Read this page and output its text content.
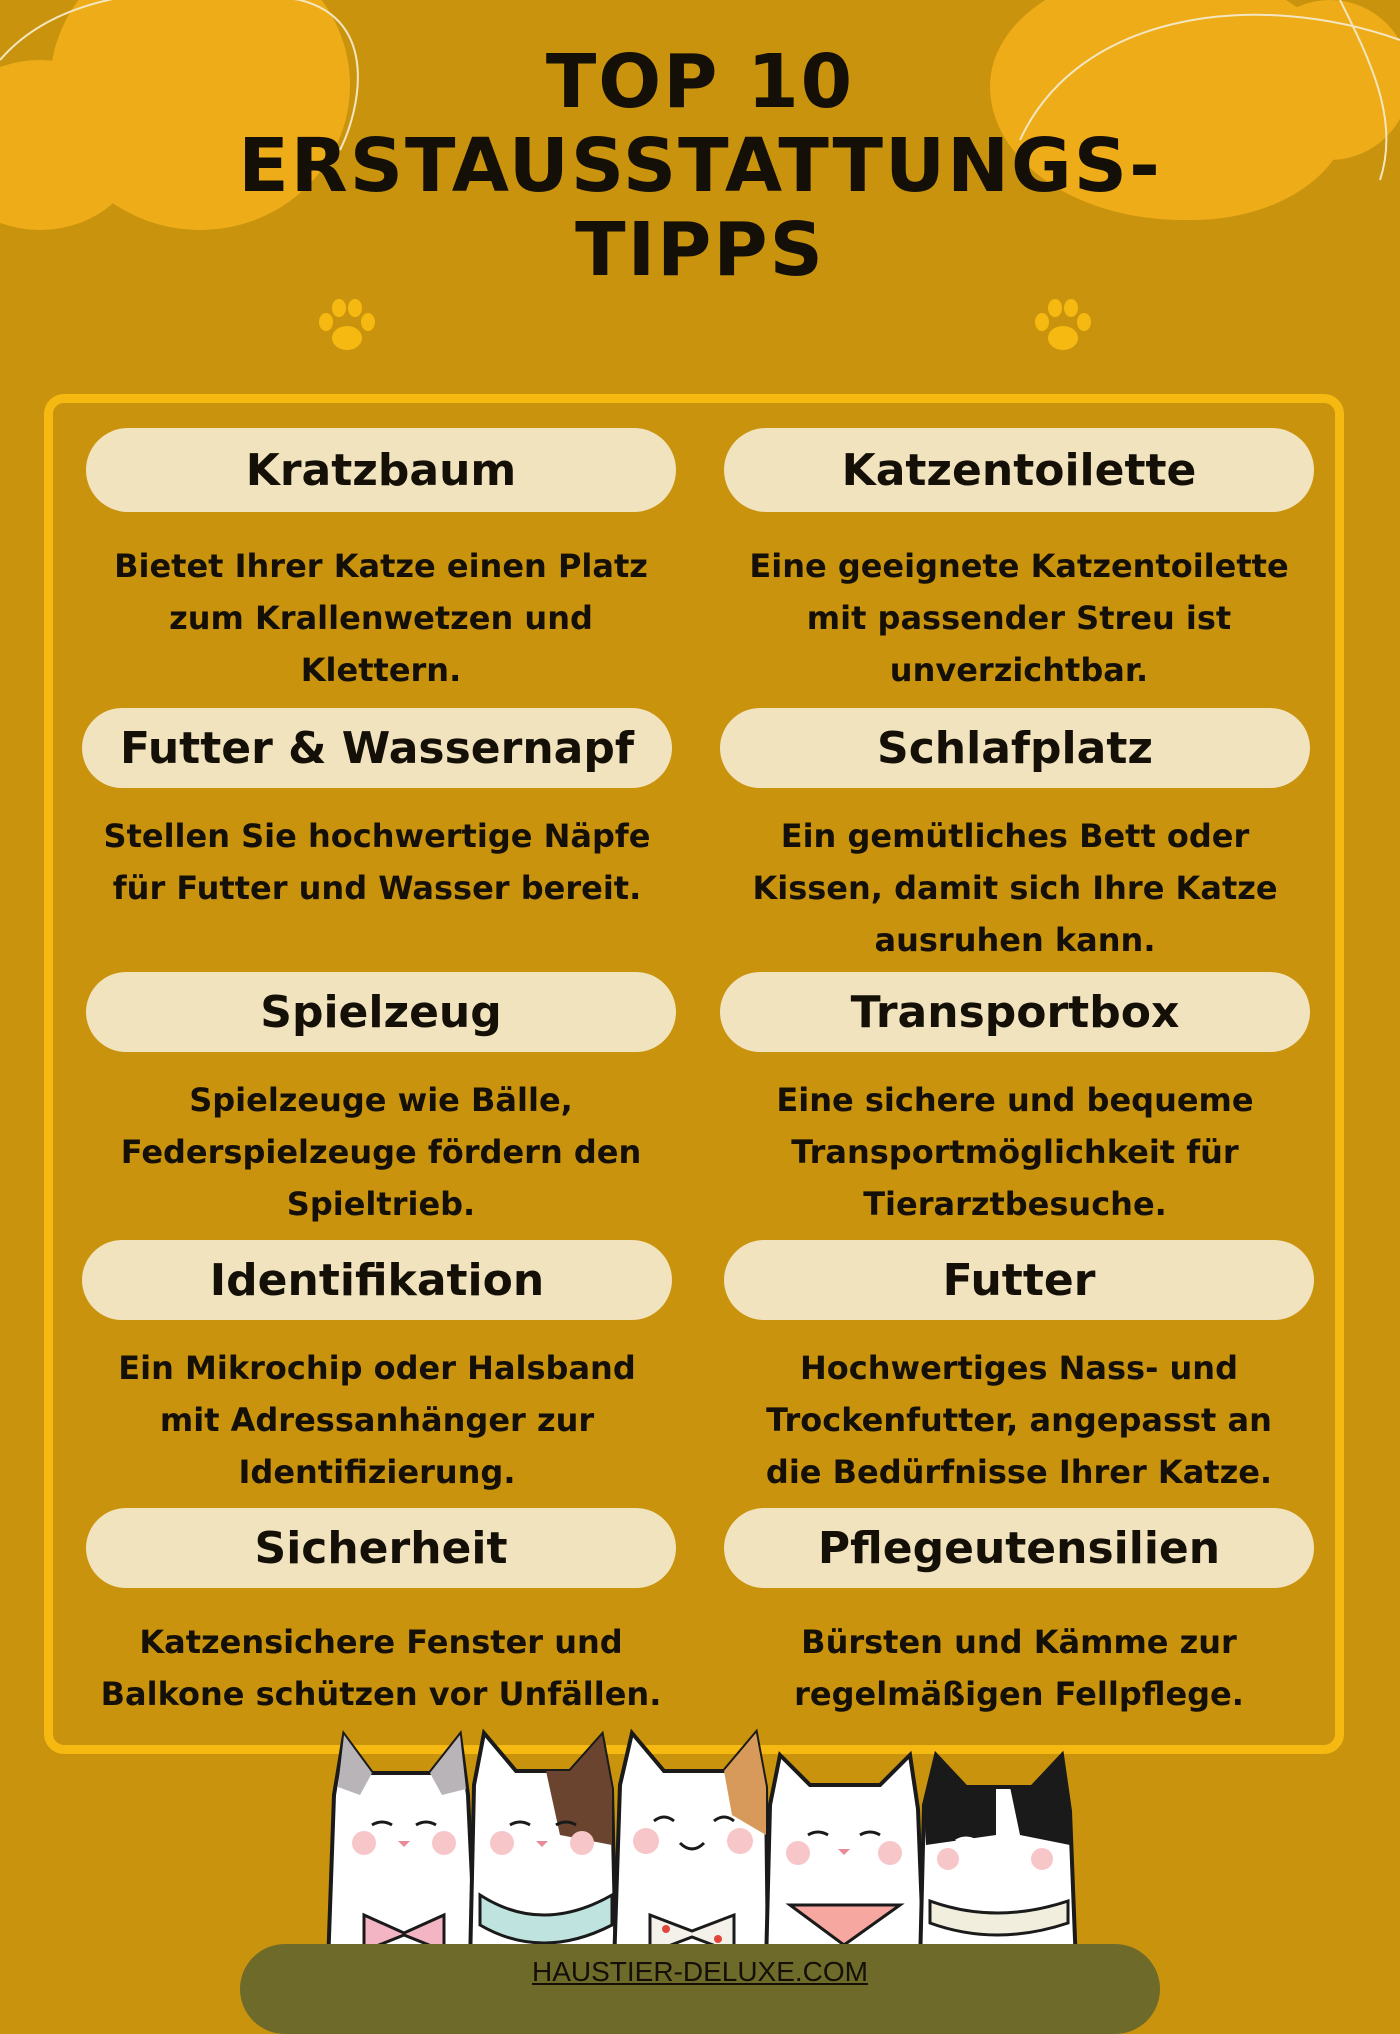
TOP 10
ERSTAUSSTATTUNGS-
TIPPS
Kratzbaum
Bietet Ihrer Katze einen Platz zum Krallenwetzen und Klettern.
Futter & Wassernapf
Stellen Sie hochwertige Näpfe für Futter und Wasser bereit.
Spielzeug
Spielzeuge wie Bälle, Federspielzeuge fördern den Spieltrieb.
Identifikation
Ein Mikrochip oder Halsband mit Adressanhänger zur Identifizierung.
Sicherheit
Katzensichere Fenster und Balkone schützen vor Unfällen.
Katzentoilette
Eine geeignete Katzentoilette mit passender Streu ist unverzichtbar.
Schlafplatz
Ein gemütliches Bett oder Kissen, damit sich Ihre Katze ausruhen kann.
Transportbox
Eine sichere und bequeme Transportmöglichkeit für Tierarztbesuche.
Futter
Hochwertiges Nass- und Trockenfutter, angepasst an die Bedürfnisse Ihrer Katze.
Pflegeutensilien
Bürsten und Kämme zur regelmäßigen Fellpflege.
HAUSTIER-DELUXE.COM
